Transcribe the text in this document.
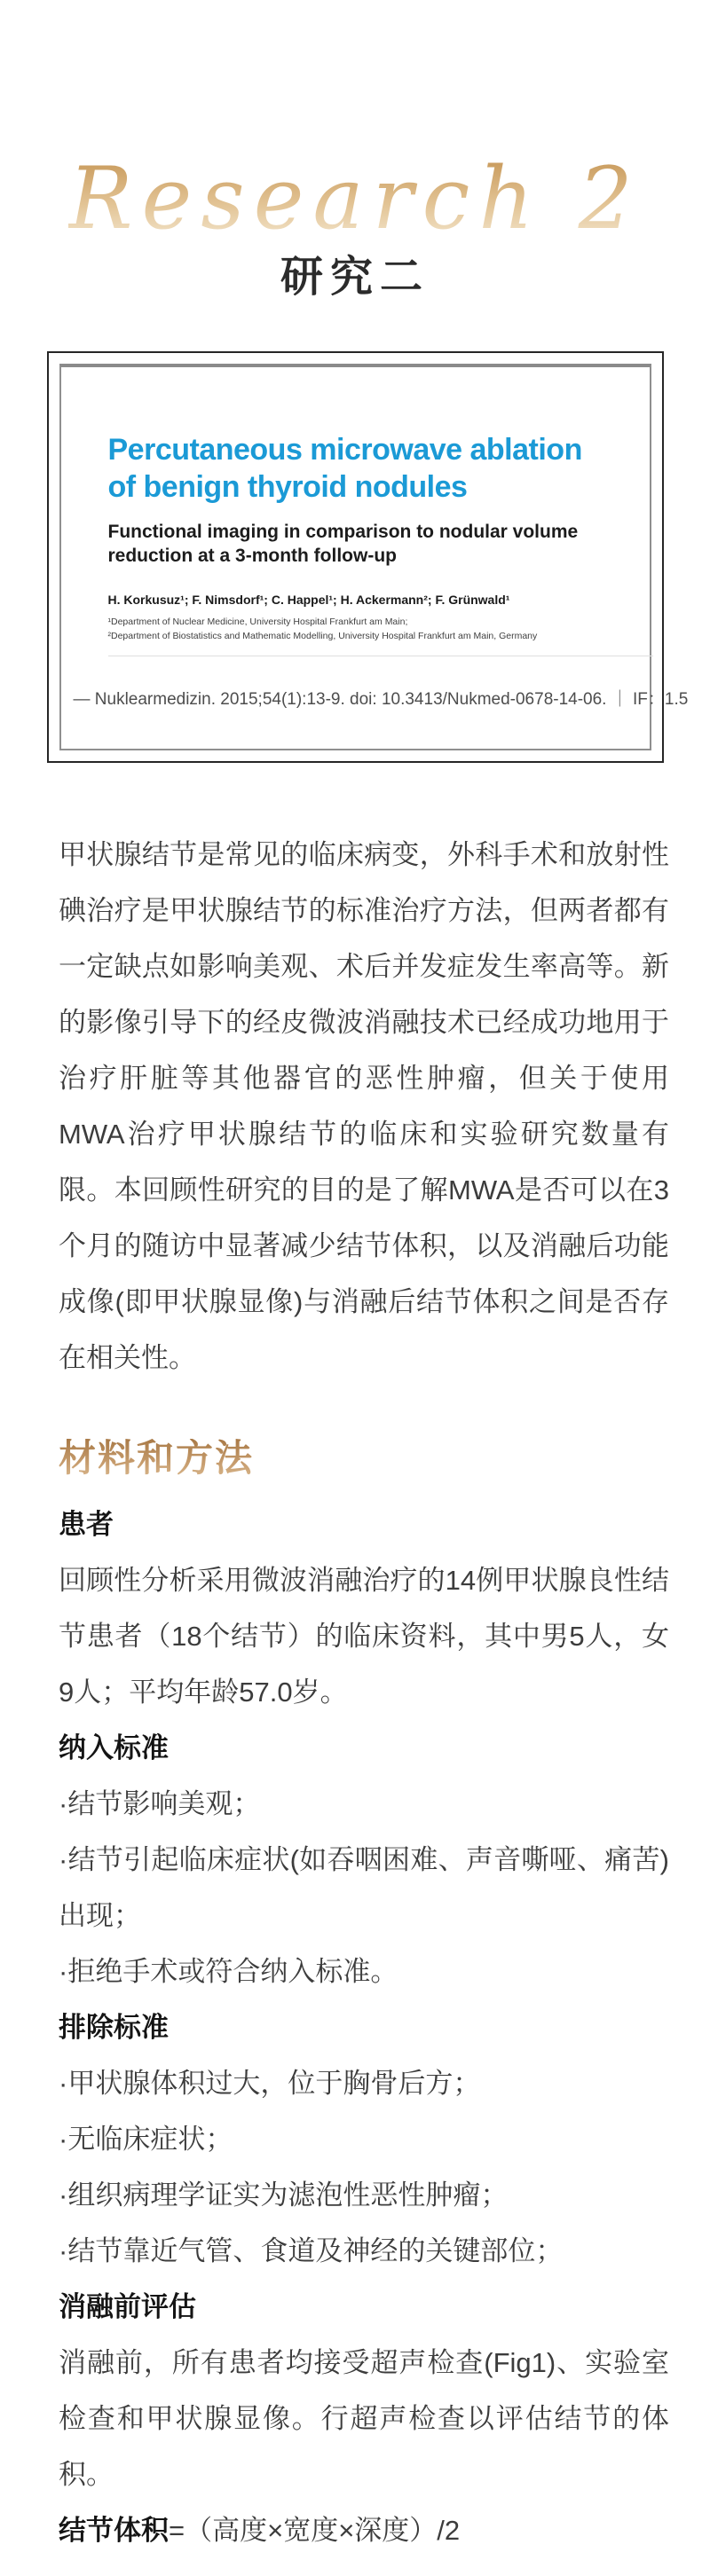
Research 2
研究二
Percutaneous microwave ablation of benign thyroid nodules
Functional imaging in comparison to nodular volume reduction at a 3-month follow-up
H. Korkusuz¹; F. Nimsdorf¹; C. Happel¹; H. Ackermann²; F. Grünwald¹
¹Department of Nuclear Medicine, University Hospital Frankfurt am Main;
²Department of Biostatistics and Mathematic Modelling, University Hospital Frankfurt am Main, Germany
— Nuklearmedizin. 2015;54(1):13-9. doi: 10.3413/Nukmed-0678-14-06. ｜ IF：1.5

甲状腺结节是常见的临床病变，外科手术和放射性碘治疗是甲状腺结节的标准治疗方法，但两者都有一定缺点如影响美观、术后并发症发生率高等。新的影像引导下的经皮微波消融技术已经成功地用于治疗肝脏等其他器官的恶性肿瘤，但关于使用MWA治疗甲状腺结节的临床和实验研究数量有限。本回顾性研究的目的是了解MWA是否可以在3个月的随访中显著减少结节体积，以及消融后功能成像(即甲状腺显像)与消融后结节体积之间是否存在相关性。

材料和方法

患者

回顾性分析采用微波消融治疗的14例甲状腺良性结节患者（18个结节）的临床资料，其中男5人，女9人；平均年龄57.0岁。

纳入标准

·结节影响美观；

·结节引起临床症状(如吞咽困难、声音嘶哑、痛苦)出现；

·拒绝手术或符合纳入标准。

排除标准

·甲状腺体积过大，位于胸骨后方；

·无临床症状；

·组织病理学证实为滤泡性恶性肿瘤；

·结节靠近气管、食道及神经的关键部位；

消融前评估

消融前，所有患者均接受超声检查(Fig1)、实验室检查和甲状腺显像。行超声检查以评估结节的体积。

结节体积=（高度×宽度×深度）/2
